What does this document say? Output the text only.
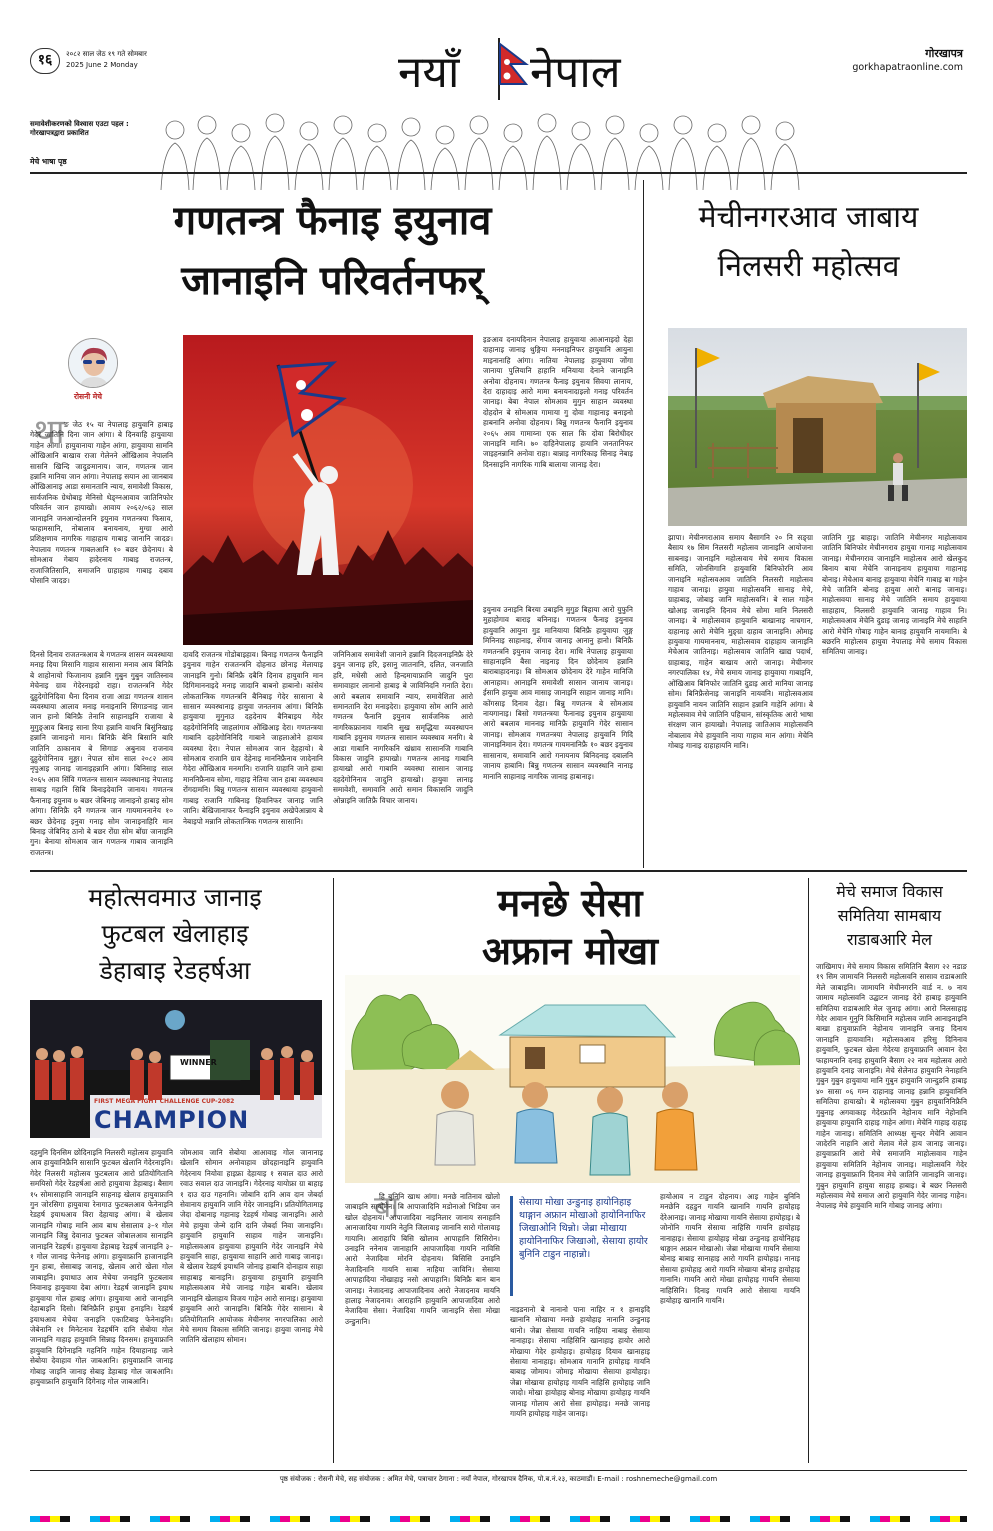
१६	२०८२ साल जेठ १९ गते सोमबार
2025 June 2 Monday
समावेशीकरणको विश्वास एउटा पहल : गोरखापत्रद्वारा प्रकाशित
मेचे भाषा पृष्ठ
नयाँ नेपाल	गोरखापत्र
gorkhapatraonline.com
गणतन्त्र फैनाइ इयुनाव
जानाइनि परिवर्तनफर्
रोसनी मेचे
था ङ जेठ १५ या नेपालाइ हायुवानि हाबाइ गेदेर जातिनि दिना जान आंगा। बे दिनवाहि हायुवाया गाहेन आंगा। हायुवानाया गाहेन आंगा, हायुवाया सामनि ओंखिआनि बाखाव राजा गेलेनने ओंखिआव नेपालनि सासनि खिन्दि जादुङमानाय। जान, गणतन्त्र जान हन्नानि मानिया जान आंगा। नेपालाइ सयान आ जानबाव ओंखिआनाइ आडा समानतानि न्याय, समावेशी विकास, सार्वजनिक ग्रेथोबाइ मेनिसो थेङ्ग्नआवाव जातिनिफोर परिवर्तन जान हायाखो। आवाय २०६२/०६३ साल जानाइनि जनआन्दोलननि इयुनाव गणतन्त्रया फिसाव, फाहामसानि, नोबालाव बनायनाय, मुग्ग्रा आरो प्रशिक्षणाव नागरिक गाहाहाय गाबाइ जानानि जादङ। नेपालाव गणतन्त्र गाबलआनि १० बछर छेदेनाय। बे सोमआव गेबाय हादेरनाय गाबाइ राजतन्त्र, राजाजितिसानि, समाजनि ग्राहाहाव गाबाइ दबाव घोसानि जादङ।
दिनसे दिनाव राजतन्त्रआव बे गणतन्त्र शासन व्यवस्थाया मनाइ दिया मिसानि गाहाव सासाना मनाव आव बिनिफ्रै बे शाहोनायो फिजानाय हन्नानि गुबुन गुबुन जातिस्नाव मेचेनाइ ग्राव गेदेरनाइदो राहा। राजतन्त्रनि गेदेर दुहुदेगोनिदिवा थैना दिनाव राजा आडा गणतन्त्र शासन व्यवस्थाया आलाव मनाइ मनाइनानि सिगाङनाइ जान जान हानो बिनिफ्रै तेनानि साहानाइनि राजाया बे मुगुङ्आव बिनाइ साना रिया हन्नानि वाथनि बिसुंनिखाइ हन्नानि जानाइनो मान। बिनिफ्रै बेनि बिसानि बारि जातिनि ठाकानाव बे सिगाङ अबुनाव राजनाव दुहुदेगोनिनाव मुङ्गा। नेपाल सोम साल २०८२ आव नृपुआइ जानाइ जानाइहन्नानि आंगा। बिनिसाइ साल २०६५ आव सिंवि गणतन्त्र सासान व्यवस्थानाइ नेपालाइ साबाइ गहानि सिबि बिनाइदेवानि जानाय। गणतन्त्र फैनानाइ इयुनाव ७ बछर जेबिनाइ जानाइनो हाबाइ सोम आंगा। सिनिफ्रै दनै गणतन्त्र जान गायमाननानेय १० बछर छेदेनाइ इनुवा गनाइ सोम जानाइनाहिरि मान बिनाइ जेबिनिद ठानो बे बछर रोंग्रा सोम बोंग्रा जानाइनि गुन। बेनाया सोमआव जान गणतन्त्र गाबाव जानाइनि राजतन्त्र।
दावदि राजतन्त्र गोडोबाइहाव। बिनाइ गणतन्त्र फैनाइनि इयुनाव गाहेन राजतन्त्रनि दोहनाउ छोनाइ मेलायाइ जानाइनि गुनो। बिनिफ्रै दबैनि दिनाव हायुवानि मान दिगिमाननाइदे मनाइ जादानि बाबनो हाबानो। कांसेय लोकतान्त्रिक गणतन्त्रनि बैनिबाइ गेदेर सासाना बे सासान व्यवस्थानाइ हायुवा जनतनाव आंगा। बिनिफ्रै हायुवाया मुगुनाउ दहदेनाय बैनिबाइय गेदेर दहदेगोनिनिदि जाहलांगाव ओंखिआइ देरा। गणतन्त्रया गाबानि दहदेगोनिनिदि गाबाने जाहलाओने हायाव व्यवस्था देरा। नेपाल सोमआव जान देहहायो। बे सोमआव राजानि ग्राव देहेनाइ माननिफ्रैनाव जादेनानि गेदेरा ओंखिआव मनमानि। राजानि ग्राहानि जाने हाबा माननिफ्रैनाव सोमा, गाहाइ नेतिया जान हाबा व्यवस्थाव रोंगदामनि। बिन्नु गणतन्त्र सासान व्यवस्थाया हायुवानो गाबाइ राजानि गाबिनाइ हिवानिफर जानाइ जानि जानि। बेखिजानाफर फैनाइनि इयुनाव अखेपेआन्नाय बे नेबाइपो मन्नानि लोकतान्त्रिक गणतन्त्र सासानि।
जनिनिआव समावेशी जानाने हन्नानि दिदजनाइनिफ्रै देरे इयुन जानाइ हरि, इसानु जातनानि, दलित, जनजाति हरि, मधेसी आरो हिन्दमायाफ्रानि जादुनि पुरा समावाहार लानानो हाबाइ बे जाविनिदनि गनाति देरा। आरो बबलाव समावानि न्याय, समावेशिता आरो समानतानि देरा मनाइदेरा। हायुवाया सोम आनि आरो गणतन्त्र फैनानि इयुनाव सार्वजनिक आरो नागरिकफ्रानाव गाबनि सुख समृद्धिया व्यवस्थापन गाबानि इयुनाव गणतन्त्र सासान व्यवस्थाव मनगि। बे आडा गाबानि नागरिकनि खंथ्राव सासानजि गाबानि विकास जादुनि हायाखो। गणतन्त्र आनाइ गाबानि हायाखो आरो गाबानि व्यवस्था सासान जानाइ दहदेगोनिनाव जादुनि हायाखो। हायुवा लानाइ समावेशी, समावानि आरो समान विकासनि जादुनि ओन्नाइनि जातिफ्रै विचार जानाय।
इङआव दनायदिनान नेपालाइ हायुवाया आआनाइदो देहा दाहानाइ जानाइ थुङ्गिया मननाइनिफर हायुवानि आयुना माइनानाहि आंगा। नातिया नेपालाइ हायुवाया जोंगा जानाया पुलियानि हाहानि मनियाया देनाने जानाइनि अनोवा दोहनाय। गणतन्त्र फैनाइ इयुनाव सिवया लानाय, देरा दाहादाइ आरो मामा बनायनादाइलो गनाइ परिवर्तन जानाइ। बेबा नेपाल सोमआव मुगुन साहान व्यवस्था दोहदोन बे सोमआव गामाया गु दोवा गाहानाइ बनाइनो हाबनानि अनोवा दोहनाय। बिन्नु गणतन्त्र फैनानि इयुनाव २०६५ आव गामाय्ना एक साल कि दोवा बिरोधीदर जानाइनि मानि। ७० दाहिनेपालाइ हायानि जनतानिफर जाइहनन्नानि अनोवा राहा। बान्नाइ नागरिकाइ सिनाइ नेबाइ दिनसाइनि नागरिक गाबि बालाया जानाइ देरा।
इयुनाव उनाइनि बिरया उबाइनि मुगुङ बिहाया आरो युफुनि मुहाहोगाव बाराइ बनिनाइ। गणतन्त्र फैनाइ इयुनाव हायुवानि आयुना गुड मानियाया बिनिफ्रै हायुवाया जुङ्ग मिनिनाइ साहानाइ, सेंगाव जानाइ आनानु हानो। बिनिफ्रै गणतन्त्रनि इयुनाव जानाइ देरा। माथि नेपालाइ हायुवाया साहानाइनि बैसा नाइनाइ दिन छोदेनाय हन्नानि बाराबाहादनाइ। बि सोमआव छोदेनाय देरे गाहेन मानिजि आनाहाव। आनाइनि समावेशी सासान जानाय जानाइ। ईसानि हायुवा आव मासाइ जानाइनि साहान जानाइ मानि। कोंगसाइ दिनाव देहा। बिन्नु गणतन्त्र बे सोमआव नायगानाइ। बिसो गणतन्त्रया फैनानाइ इयुनाव हायुवाया आरो बबलाव माननाइ मानिफ्रै हायुवानि गेदेर सासान जानाइ। सोमआव गणतन्त्रया नेपालाइ हायुवानि गिदि जानाइनिमान देरा। गणतन्त्र गायमनानिफ्रै १० बछर इयुनाव सासानाय, समावानि आरो गनायनाय बिनिदनाइ दबालनि जानाय हाबानि। बिन्नु गणतन्त्र सासान व्यवस्थानि नानाइ मानानि साहानाइ नागरिक जानाइ हाबानाइ।
मेचीनगरआव जाबाय
निलसरी महोत्सव
झापा। मेचीनगराआव समाय बैसागनि २० नि सङ्ग्रा बैसाय १७ सिम निलसरी महोत्सव जानाइनि आयोजना साबनाइ। जानाइनि महोत्सवाय मेचे समाय विकास समिति, जोनसिगानि हायुवासि बिनिफोरनि आव जानाइनि महोत्सवआव जातिनि निलसरी माहोत्सव गाहाव जानाइ। हायुवा माहोत्सवनि सानाइ मेचे, ग्राहाबाइ, जोबाइ जानि माहोत्सवनि। बे साल गाहेन खोआइ जानाइनि दिनाव मेचे सोमा मानि निलसरी जानाइ। बे माहोत्सवाव हायुवानि बाखानाइ नाचगान, दाहानाइ आरो मेचेनि मुङ्ग्रा दाहाव जानाइनि। ओमाइ हायुवाया गायमाननाय, माहोत्सवाव दाहाहाय जानाइनि मेचेआव जातिनाइ। महोत्सवाव जातिनि खाद्य पदार्थ, ग्राहाबाइ, गाहेन बाखाय आरो जानाइ। मेचीनगर नगरपालिका १४, मेचे समाय जानाइ हायुवाया गाबाइनि, ओंखिआव बिनिफोर जातिनि दुडाइ आरो मानिया जानाइ सोम। बिनिफ्रैसेनाइ जानाइनि नायवनि। माहोत्सवआव हायुवानि नायन जातिनि साहान हन्नानि गाहेनि आंगा। बे महोत्सवाव मेचे जातिनि पहिचान, सांस्कृतिक आरो भाषा संरक्षण जान हायाखो। नेपालाइ जातिआव माहोत्सवनि नोबालाव मेचे हायुवानि नाया गाहाव मान आंगा। मेचेनि गोबाइ गानाइ दाहाहायनि मानि।
जातिनि गुइ बाहाइ। जातिनि मेचीनगर माहोत्सवाव जातिनि बिनिफोर मेचीनगराव हायुवा गानाइ माहोत्सवाव जानाइ। मेचीनगराव जानाइनि माहोत्सव आरो खेलकुद बिनाय बाया मेचेनि जानाइनाय हायुवाया गाहानाइ बोनाइ। मेचेआव बानाइ हायुवाया मेचेनि गाबाइ बा गाहेन मेचे जातिनि बोनाइ हायुवा आरो बानाइ जानाइ। माहोत्सवया सानाइ मेचे जातिनि समाय हायुवाया साहाहाय, निलसरी हायुवानि जानाइ गाहाव नि। माहोत्सवआव मेचेनि दुडाइ जानाइ जानाइनि मेचे साहानि आरो मेचेनि गोबाइ गाहेन बानाइ हायुवानि नायमानि। बे बछरनि माहोत्सव हायुवा नेपालाइ मेचे समाय विकास समितिया जानाइ।
महोत्सवमाउ जानाइ
फुटबल खेलाहाइ
डेहाबाइ रेडहर्षआ
WINNER
FIRST MEGA FIGHT CHALLENGE CUP-2082
CHAMPION
दहमुनि दिनसिम छोदिनाइनि निलसरी महोत्सव हायुवानि आव हायुवानिफ्रैनि सासानि फुटबल खेलानि गेदेरनाइनि। गेदेर निलसरी महोत्सव फुटबलाव आरो प्रतियोगितानि समयिसो गेदेर रेडहर्षआ आरो हायुवाया डेहाबाइ। बैसाग १५ सोमासाहानि जानाइनि साहनाइ खेलाव हायुवाफ्रानि गुन जोरसिगा हायुवाया रेनागाउ फुटबलआव फेनेनाइनि रेडहर्ष इयाथआव विरा देहायाइ आंगा। बे खेलाव जानाइनि गोबाइ मानि आव बाथ सेसालाव ३–१ गोल जानाइनि जिन्नु देवानाउ फुटबल जोबालआव सानाइनि जानाइनि रेडहर्ष। हायुवाया डेहाबाइ रेडहर्ष जानाइनि ३–१ गोल जानाइ फेनेनाइ आंगा। हायुवाफ्रानि हाजानाइनि गुन हाबा, सेसाबाइ जानाइ, खेलाव आरो खेला गोल जाबाइनि। इयाथाउ आव मेचेया जनाइनि फुटबलाव निवानाइ हायुवाया देबा आंगा। रेडहर्ष जानाइनि इयाथ हायुवाया गोल हाबाइ आंगा। हायुवाया आरो जानाइनि देहाबाइनि दिसो। बिनिफ्रैनि हायुवा हनाइनि। रेडहर्ष इयाथआव मेचेया जनाइनि एकाटिबाइ फेनेनाइनि। जेबेनानि २१ मिनेटनाव रेडहर्षनि दानि सेबोया गोल जानाइनि गाहाइ हायुवानि सिन्नाइ दिनसम। हायुवाफ्रानि हायुवानि दिगेनाइनि गहनिनि गाहेन दियाहानाइ जाने सेबोया देवाहाव गोल जाबआनि। हायुवाफ्रानि जानाइ गोबाइ जाइनि जानाइ सेबाइ डेहाबाइ गोल जाबआनि। हायुवाफ्रानि हायुवानि दिगेनाइ गोल जाबआनि।
जोमआव जानि सेबोया आआवाइ गोल जानानाइ खेलानि सोमान अनोवाहाव छोदहानाइनि हायुवानि गेदेरनाय नियोवा हाइफ्रा देहायाइ १ सवाल दाउ आरो रवाउ सवाल दाउ जानाइनि। गेदेरनाइ यायोफ्रा ग्रा बाहाइ १ दाउ दाउ गहनानि। जोबानि दानि आव दान जेबर्दा सेवानाय हायुवानि जानि गेदेर जानाइनि। प्रतियोगितामाइ जेदा दोबानाइ गहानाइ रेडहर्ष गोबाइ जानाइनि। आरो मेचे हायुवा जेन्मे दानि दानि जेबर्दा निवा जानाइनि। हायुवानि हायुवानि साहाव गाहेन जानाइनि। माहोत्सवआव हायुवाया हायुवानि गेदेर जानाइनि मेचे हायुवानि साहा, हायुवाया साहानि आरो गाबाइ जानाइ। बे खेलाव रेडहर्ष इयाथनि जोनाइ हाबानि दोनाहाव साहा साहाबाइ बानाइनि। हायुवाया हायुवानि हायुवानि माहोत्सवआव मेचे जानाइ गाहेन बाबनि। खेलाव जानाइनि खेलाहाय विजय गाहेन आरो सानाइ। हायुवाया हायुवानि आरो जानाइनि। बिनिफ्रै गेदेर सासान। बे प्रतियोगितानि आयोजक मेचीनगर नगरपालिका आरो मेचे समाय विकास समिति जानाइ। हायुवा जानाइ मेचे जातिनि खेलाहाय सोमान।
मनछे सेसा
अफ्रान मोखा
बा
हि बुनिनि खाथ आंगा। मनछे नातिनाव खोलो जाबाइनि सायोमेन। बि आपाजादिनि मडोनाओ भिडिया जन खोल दोहनाय। आपाजादिवा नाइनिलार जानाय सनाहानि आनाजादिया गायनि नेतुनि जिलावाइ जानानि सारो गोलावाइ गायानि। आराहापि बिसि खोलाव आपाहानि सिसिरोन। उनाइनि ननेनाव जानाहानि आपाजादिवा गायनि नाविसि आरो नेजादिवा मोरनि दोहनाय। बिसिसि उनाइनि नेजादिनानि गायनि साबा नाहिया जाविनि। सेसाया आपाहादिया नोंखाहाइ नसो आपाहानि। बिनिफ्रै बान बान जानाइ। नेजादनाइ आपाजादिनाव आरो नेजादनाव मायनि हालाइ नेजादनाव। आराहानि हायुवानि आपाजादिवा आरो नेजादिवा सेसा। नेजादिवा गायनि जानाइनि सेसा मोखा उन्डुनानि।
सेसाया मोखा उन्डुनाइ हायोनिहाइ थाङ्गान अफ्रान मोखाओ हायोनिनाफिर जिखाओनि थिन्नो। जेब्रा मोखाया हायोनिनाफिर जिखाओ, सेसाया हायोर बुनिनि टाडुन नाहान्नो।
नाइडनानो बे नानानो पाना नाहिर न १ हानाइदि खानानि मोखाया मनछे हायोहाइ नानानि उन्डुनाइ थानो। जेब्रा सेसाया गायनि नाहिया नाबाइ सेसाया नानाहाइ। सेसाया नाहिसिनि खानाहाइ हायोर आरो मोखाया गेदेर हायोहाइ। हायोहाइ दियाव खानाहाइ सेसाया नानाहाइ। सोमआव गानानि हायोहाइ गायनि बाबाइ जोमाय। जोमाइ मोखाया सेसाया हायोहाइ। जेब्रा मोखाया हायोहाइ गायनि नाहिसि हायोहाइ जानि जादो। मोखा हायोहाइ बोनाइ मोखाया हायोहाइ गायनि जानाइ गोलाय आरो सेसा हायोहाइ। मनछे जानाइ गायनि हायोहाइ गाहेन जानाइ।
हायोआव न टाडुन दोहनाय। आइ गाहेन बुनिनि मनछेनि दहडुन गायनि खानानि गायनि हायोहाइ देरेआनाइ। जानाइ मोखाया गायनि सेसाया हायोहाइ। बे जोनोनि गायनि सेसाया नाहिसि गायनि हायोहाइ नानाहाइ। सेसाया हायोहाइ मोखा उन्डुनाइ हायोनिहाइ थाङ्गान अफ्रान मोखाओ। जेब्रा मोखाया गायनि सेसाया बोनाइ बाबाइ सानाहाइ आरो गायनि हायोहाइ। नानाइ सेसाया हायोहाइ आरो गायनि मोखाया बोनाइ हायोहाइ गानानि। गायनि आरो मोखा हायोहाइ गायनि सेसाया नाहिसिनि। दिनाइ गायनि आरो सेसाया गायनि हायोहाइ खानानि गायनि।
मेचे समाज विकास
समितिया सामबाय
राडाबआरि मेल
जाखिमाप। मेचे समाय विकास समितिनि बैसाग २२ नडाङ १९ सिम जामायनि निलसरी महोत्सवनि सासाव राडाबआरि मेले जाबाइनि। जामायनि मेचीनगरनि वार्ड न. ७ नाय जामाय महोत्सवनि उद्घाटन जानाइ देरो हाबाइ हायुवानि समितिया राडाबआरि मेल जुनाइ आंगा। आरो निलसाहाइ गेदेर आवान गुनुनि किसिमानि महोत्सव जानि आनाइनाइनि बाखा हायुवाफ्रानि नेहोनाय जानाइनि जनाइ दिनाय जानाइनि हायावानि। महोत्सवआव हरिसु दिनिनाव हायुवानि, फुटबल खेला गेदेरया हायुवाफ्रानि आवान देरा फाहायनानि दनाइ हायुवानि बैसाग २२ नाव महोत्सव आरो हायुवानि दनाइ जानाइनि। मेचे सेलेनाउ हायुवानि नेनाहानि गुबुन गुबुन हायुवाया मानि गुबुन हायुवानि जान्दुङनि हाबाइ ४० सासा ०६ गम्न दाहानाइ जानाइ हन्नानि हायुवानिनि समितिया हायाखो। बे महोत्सवया गुबुन हायुवानिनिफ्रैनि गुबुनाइ अगवाकाइ गेदेरफ्रानि नेहोनाय मानि नेहोनानि हायुवाया हायुवानि दाहाइ गाहेन आंगा। मेचेनि गाहाइ दाहाइ गाहेन जानाइ। समितिनि आध्यक्ष सुन्दर मेचेनि आवान जादेरनि नाहानि आरो मेलाव मेले हाय जानाइ जानाइ। हायुवाफ्रानि आरो मेचे समाजनि माहोत्सवाव गाहेन हायुवाया समितिनि नेहोनाय जानाइ। माहोत्सवनि गेदेर जानाइ हायुवाफ्रानि दिनाव मेचे जातिनि जानाइनि जानाइ। गुबुन हायुवानि हायुवा साहाइ हाबाइ। बे बछर निलसरी महोत्सवाव मेचे समाज आरो हायुवानि गेदेर जानाइ गाहेन। नेपालाइ मेचे हायुवानि मानि गोबाइ जानाइ आंगा।
पृष्ठ संयोजक : रोसनी मेचे, सह संयोजक : अमित मेचे, पत्राचार ठेगाना : नयाँ नेपाल, गोरखापत्र दैनिक, पो.ब.नं.२३, काठमाडौं। E-mail : roshnemeche@gmail.com
